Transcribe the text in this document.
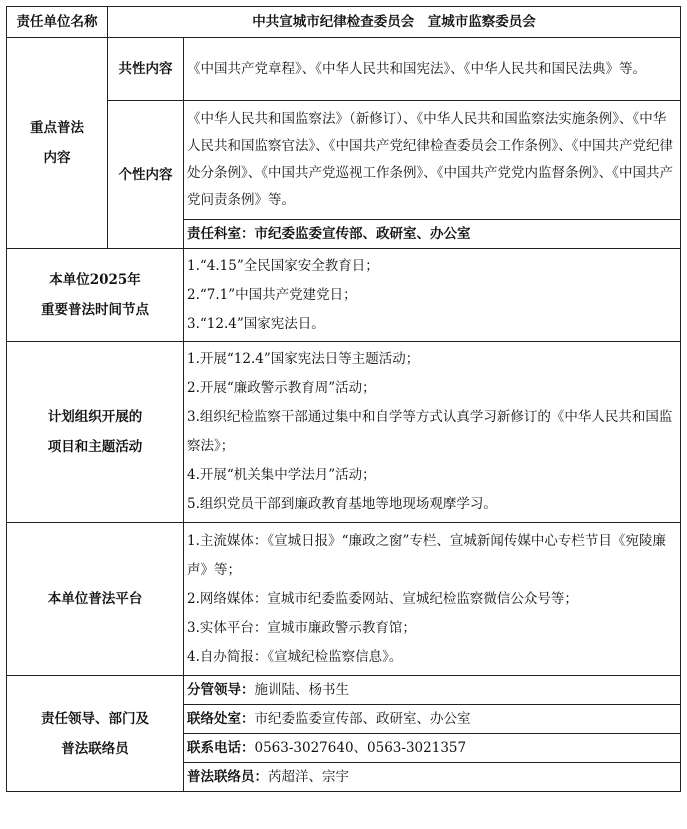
责任单位名称	中共宣城市纪律检查委员会　宣城市监察委员会	

重点普法
内容	共性内容	《中国共产党章程》、《中华人民共和国宪法》、《中华人民共和国民法典》等。
	个性内容	《中华人民共和国监察法》（新修订）、《中华人民共和国监察法实施条例》、《中华人民共和国监察官法》、《中国共产党纪律检查委员会工作条例》、《中国共产党纪律处分条例》、《中国共产党巡视工作条例》、《中国共产党党内监督条例》、《中国共产党问责条例》等。
		责任科室：市纪委监委宣传部、政研室、办公室

本单位2025年
重要普法时间节点		1.“4.15”全民国家安全教育日；
2.“7.1”中国共产党建党日；
3.“12.4”国家宪法日。

计划组织开展的
项目和主题活动		1.开展“12.4”国家宪法日等主题活动；
2.开展“廉政警示教育周”活动；
3.组织纪检监察干部通过集中和自学等方式认真学习新修订的《中华人民共和国监察法》；
4.开展“机关集中学法月”活动；
5.组织党员干部到廉政教育基地等地现场观摩学习。

本单位普法平台		1.主流媒体：《宣城日报》“廉政之窗”专栏、宣城新闻传媒中心专栏节目《宛陵廉声》等；
2.网络媒体：宣城市纪委监委网站、宣城纪检监察微信公众号等；
3.实体平台：宣城市廉政警示教育馆；
4.自办简报：《宣城纪检监察信息》。

责任领导、部门及
普法联络员		分管领导：施训陆、杨书生
		联络处室：市纪委监委宣传部、政研室、办公室
		联系电话：0563-3027640、0563-3021357
		普法联络员：芮超洋、宗宇
